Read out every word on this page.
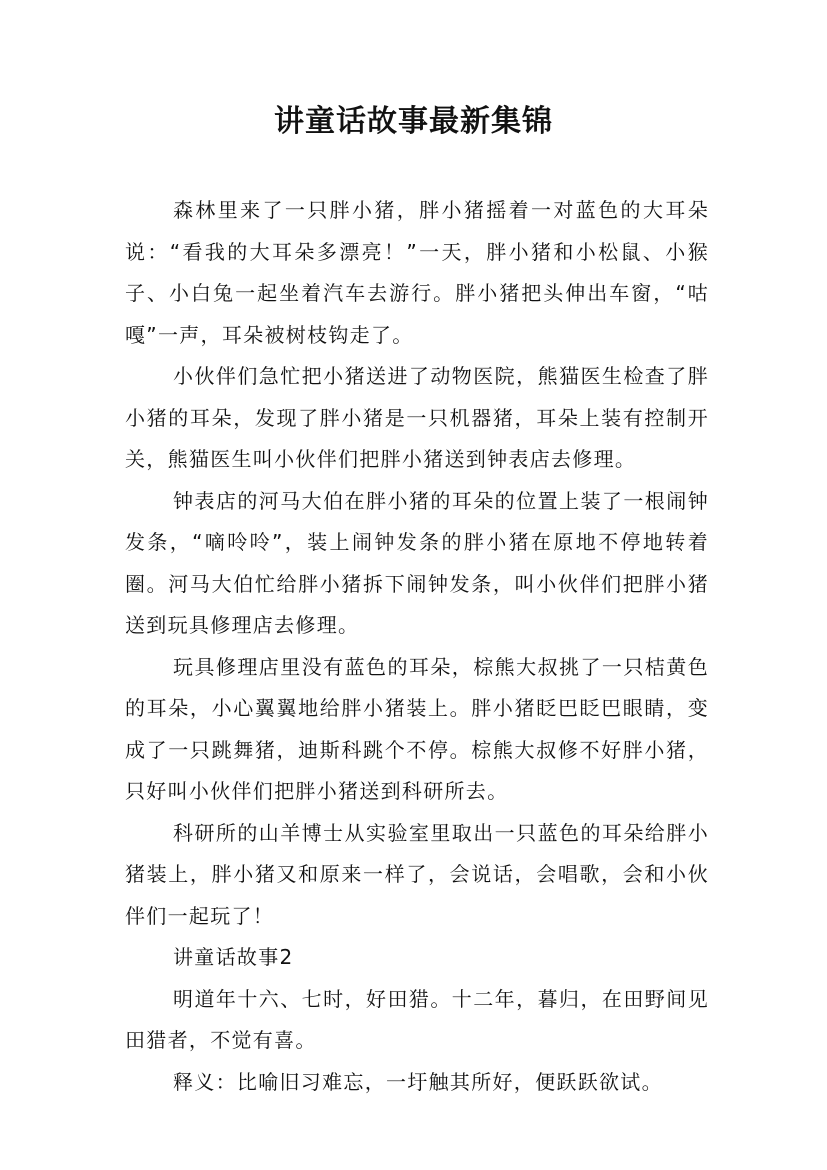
讲童话故事最新集锦

森林里来了一只胖小猪，胖小猪摇着一对蓝色的大耳朵说：“看我的大耳朵多漂亮！”一天，胖小猪和小松鼠、小猴子、小白兔一起坐着汽车去游行。胖小猪把头伸出车窗，“咕嘎”一声，耳朵被树枝钩走了。

小伙伴们急忙把小猪送进了动物医院，熊猫医生检查了胖小猪的耳朵，发现了胖小猪是一只机器猪，耳朵上装有控制开关，熊猫医生叫小伙伴们把胖小猪送到钟表店去修理。

钟表店的河马大伯在胖小猪的耳朵的位置上装了一根闹钟发条，“嘀呤呤”，装上闹钟发条的胖小猪在原地不停地转着圈。河马大伯忙给胖小猪拆下闹钟发条，叫小伙伴们把胖小猪送到玩具修理店去修理。

玩具修理店里没有蓝色的耳朵，棕熊大叔挑了一只桔黄色的耳朵，小心翼翼地给胖小猪装上。胖小猪眨巴眨巴眼睛，变成了一只跳舞猪，迪斯科跳个不停。棕熊大叔修不好胖小猪，只好叫小伙伴们把胖小猪送到科研所去。

科研所的山羊博士从实验室里取出一只蓝色的耳朵给胖小猪装上，胖小猪又和原来一样了，会说话，会唱歌，会和小伙伴们一起玩了！

讲童话故事2

明道年十六、七时，好田猎。十二年，暮归，在田野间见田猎者，不觉有喜。

释义：比喻旧习难忘，一圩触其所好，便跃跃欲试。
